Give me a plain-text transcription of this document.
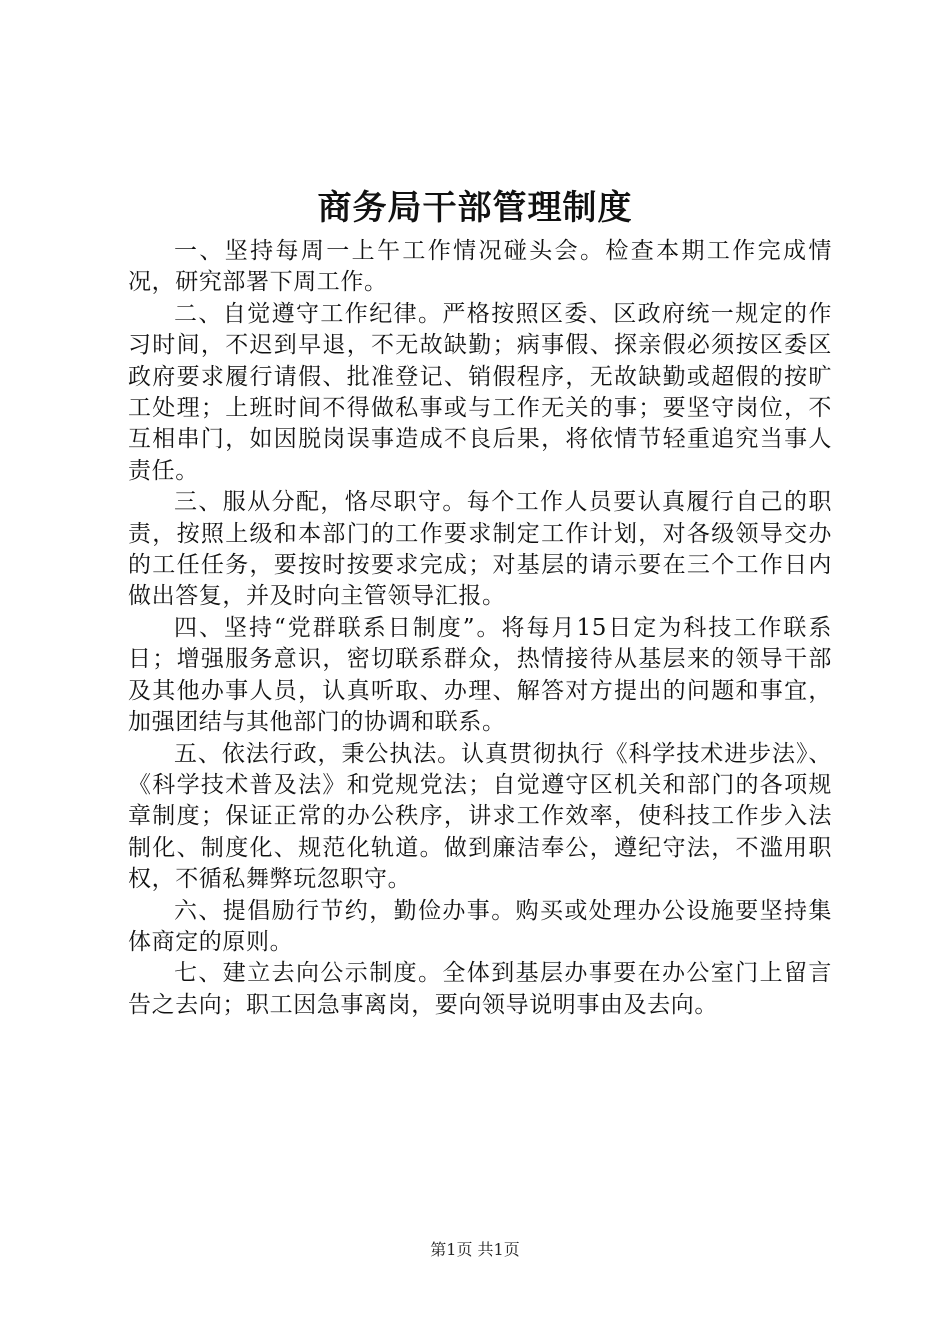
商务局干部管理制度

一、坚持每周一上午工作情况碰头会。检查本期工作完成情况，研究部署下周工作。

二、自觉遵守工作纪律。严格按照区委、区政府统一规定的作习时间，不迟到早退，不无故缺勤；病事假、探亲假必须按区委区政府要求履行请假、批准登记、销假程序，无故缺勤或超假的按旷工处理；上班时间不得做私事或与工作无关的事；要坚守岗位，不互相串门，如因脱岗误事造成不良后果，将依情节轻重追究当事人责任。

三、服从分配，恪尽职守。每个工作人员要认真履行自己的职责，按照上级和本部门的工作要求制定工作计划，对各级领导交办的工任任务，要按时按要求完成；对基层的请示要在三个工作日内做出答复，并及时向主管领导汇报。

四、坚持“党群联系日制度”。将每月15日定为科技工作联系日；增强服务意识，密切联系群众，热情接待从基层来的领导干部及其他办事人员，认真听取、办理、解答对方提出的问题和事宜，加强团结与其他部门的协调和联系。

五、依法行政，秉公执法。认真贯彻执行《科学技术进步法》、《科学技术普及法》和党规党法；自觉遵守区机关和部门的各项规章制度；保证正常的办公秩序，讲求工作效率，使科技工作步入法制化、制度化、规范化轨道。做到廉洁奉公，遵纪守法，不滥用职权，不循私舞弊玩忽职守。

六、提倡励行节约，勤俭办事。购买或处理办公设施要坚持集体商定的原则。

七、建立去向公示制度。全体到基层办事要在办公室门上留言告之去向；职工因急事离岗，要向领导说明事由及去向。

第1页 共1页
